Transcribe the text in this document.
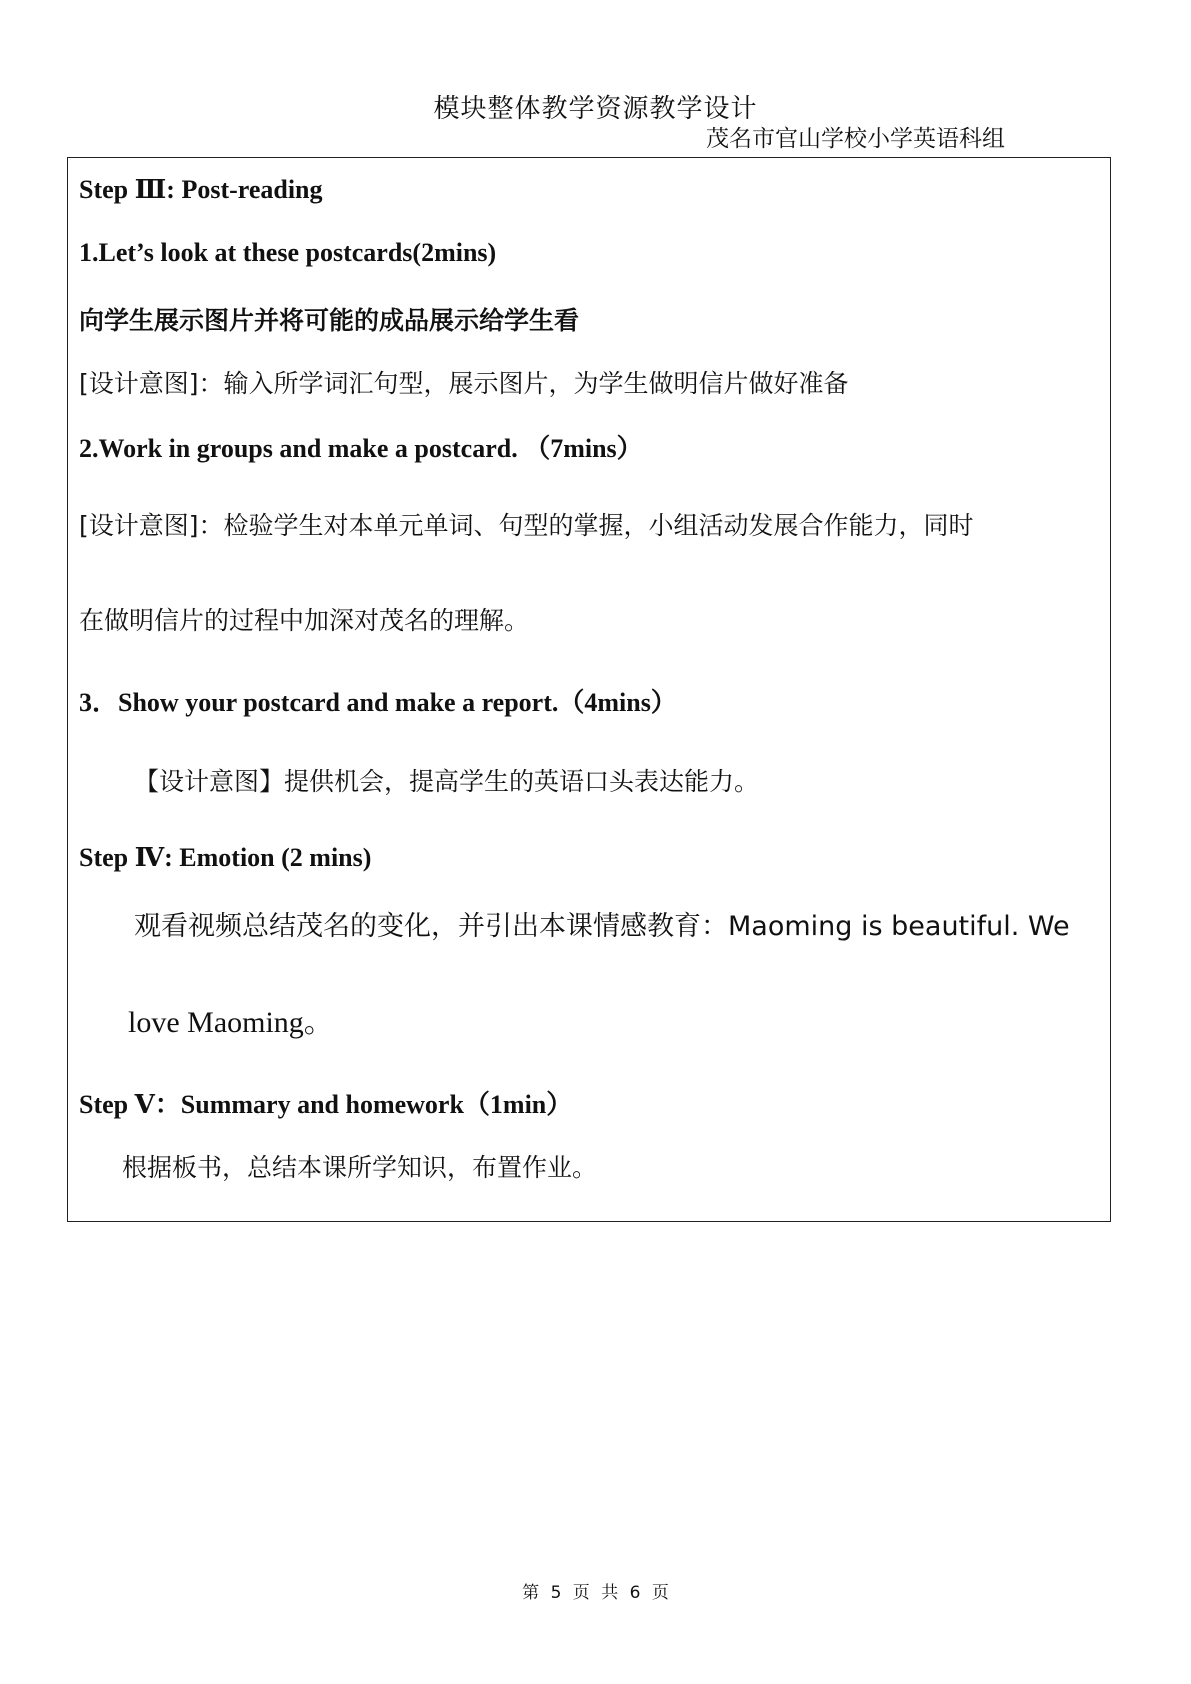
模块整体教学资源教学设计
茂名市官山学校小学英语科组
Step Ⅲ: Post-reading
1.Let’s look at these postcards(2mins)
向学生展示图片并将可能的成品展示给学生看
[设计意图]：输入所学词汇句型，展示图片，为学生做明信片做好准备
2.Work in groups and make a postcard. （7mins）
[设计意图]：检验学生对本单元单词、句型的掌握，小组活动发展合作能力，同时
在做明信片的过程中加深对茂名的理解。
3．Show your postcard and make a report.（4mins）
【设计意图】提供机会，提高学生的英语口头表达能力。
Step Ⅳ: Emotion (2 mins)
观看视频总结茂名的变化，并引出本课情感教育：Maoming is beautiful. We
love Maoming。
Step Ⅴ：Summary and homework（1min）
根据板书，总结本课所学知识，布置作业。
第 5 页 共 6 页
